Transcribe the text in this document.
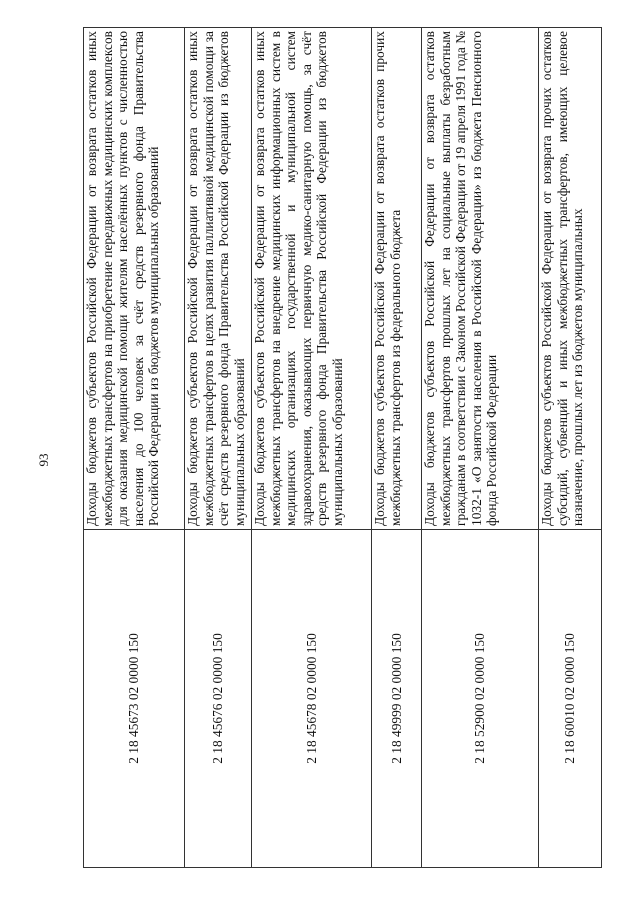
93
2 18 45673 02 0000 150	Доходы бюджетов субъектов Российской Федерации от возврата остатков иных межбюджетных трансфертов на приобретение передвижных медицинских комплексов для оказания медицинской помощи жителям населённых пунктов с численностью населения до 100 человек за счёт средств резервного фонда Правительства Российской Федерации из бюджетов муниципальных образований
2 18 45676 02 0000 150	Доходы бюджетов субъектов Российской Федерации от возврата остатков иных межбюджетных трансфертов в целях развития паллиативной медицинской помощи за счёт средств резервного фонда Правительства Российской Федерации из бюджетов муниципальных образований
2 18 45678 02 0000 150	Доходы бюджетов субъектов Российской Федерации от возврата остатков иных межбюджетных трансфертов на внедрение медицинских информационных систем в медицинских организациях государственной и муниципальной систем здравоохранения, оказывающих первичную медико-санитарную помощь, за счёт средств резервного фонда Правительства Российской Федерации из бюджетов муниципальных образований
2 18 49999 02 0000 150	Доходы бюджетов субъектов Российской Федерации от возврата остатков прочих межбюджетных трансфертов из федерального бюджета
2 18 52900 02 0000 150	Доходы бюджетов субъектов Российской Федерации от возврата остатков межбюджетных трансфертов прошлых лет на социальные выплаты безработным гражданам в соответствии с Законом Российской Федерации от 19 апреля 1991 года № 1032-1 «О занятости населения в Российской Федерации» из бюджета Пенсионного фонда Российской Федерации
2 18 60010 02 0000 150	Доходы бюджетов субъектов Российской Федерации от возврата прочих остатков субсидий, субвенций и иных межбюджетных трансфертов, имеющих целевое назначение, прошлых лет из бюджетов муниципальных
